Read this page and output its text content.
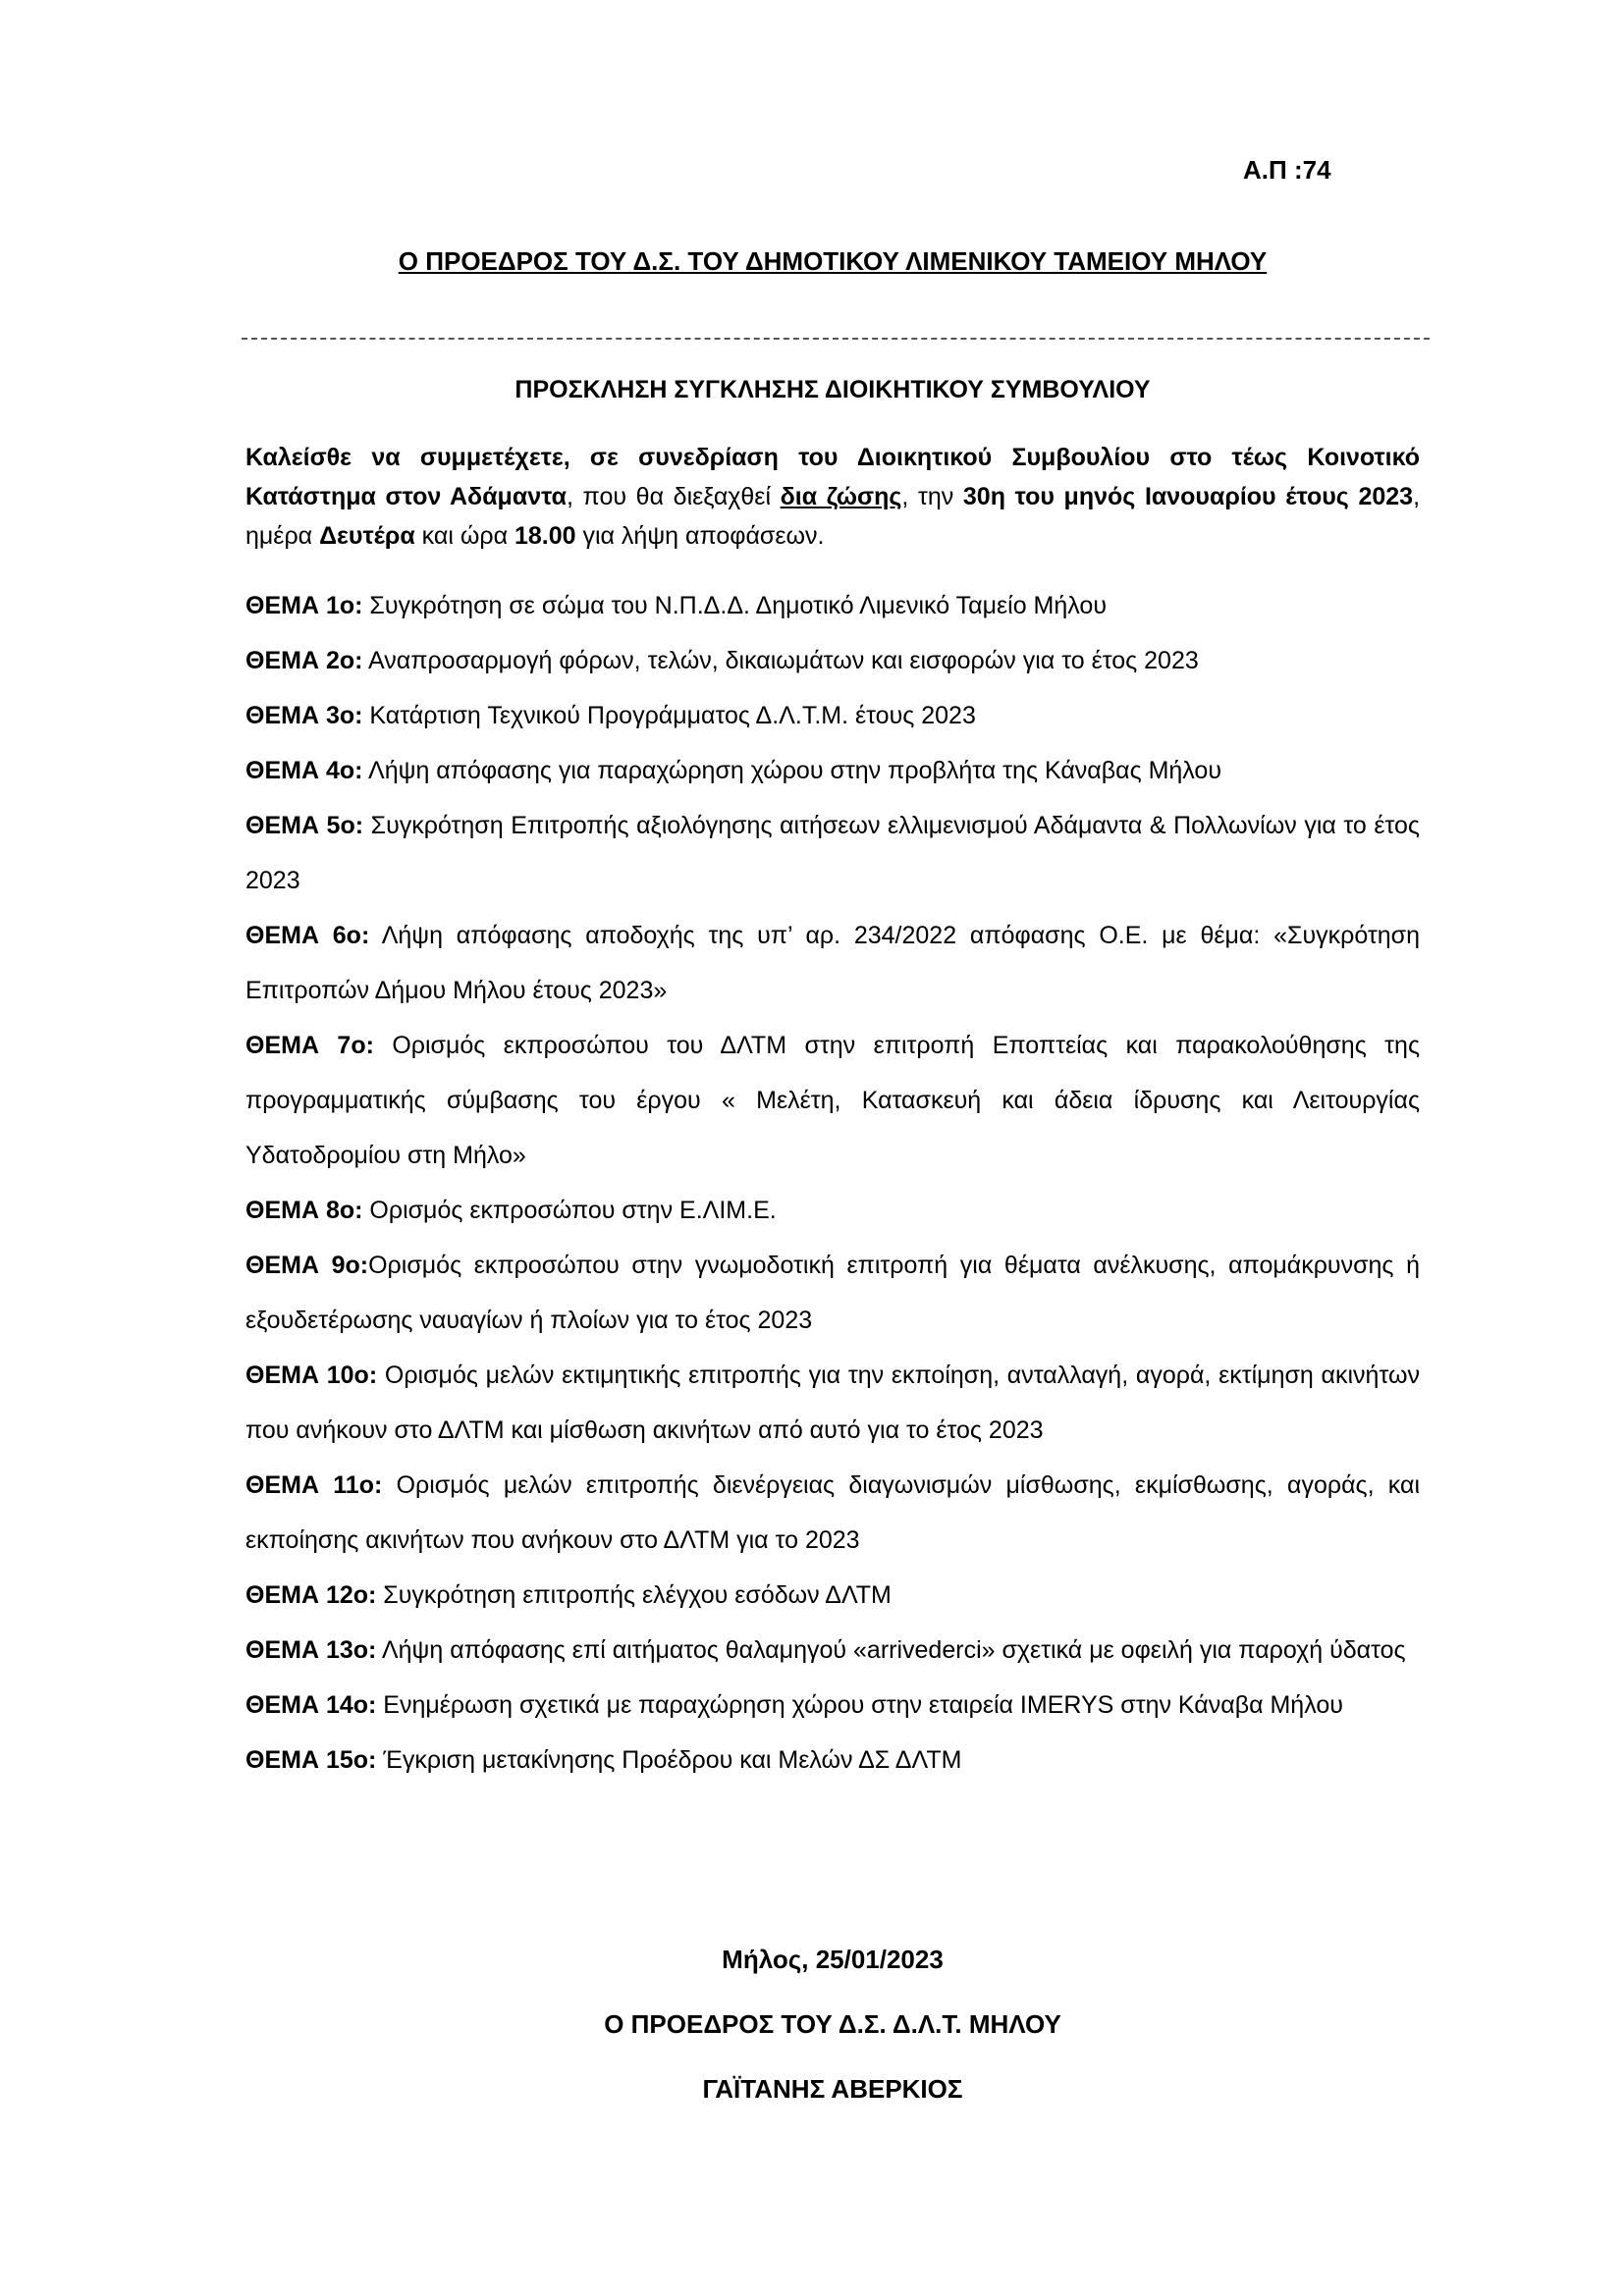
Α.Π :74
Ο ΠΡΟΕΔΡΟΣ ΤΟΥ Δ.Σ. ΤΟΥ ΔΗΜΟΤΙΚΟΥ ΛΙΜΕΝΙΚΟΥ ΤΑΜΕΙΟΥ ΜΗΛΟΥ
ΠΡΟΣΚΛΗΣΗ ΣΥΓΚΛΗΣΗΣ ΔΙΟΙΚΗΤΙΚΟΥ ΣΥΜΒΟΥΛΙΟΥ
Καλείσθε να συμμετέχετε, σε συνεδρίαση του Διοικητικού Συμβουλίου στο τέως Κοινοτικό Κατάστημα στον Αδάμαντα, που θα διεξαχθεί δια ζώσης, την 30η του μηνός Ιανουαρίου έτους 2023, ημέρα Δευτέρα και ώρα 18.00 για λήψη αποφάσεων.

ΘΕΜΑ 1ο: Συγκρότηση σε σώμα του Ν.Π.Δ.Δ. Δημοτικό Λιμενικό Ταμείο Μήλου

ΘΕΜΑ 2ο: Αναπροσαρμογή φόρων, τελών, δικαιωμάτων και εισφορών για το έτος 2023

ΘΕΜΑ 3ο: Κατάρτιση Τεχνικού Προγράμματος Δ.Λ.Τ.Μ. έτους 2023

ΘΕΜΑ 4ο: Λήψη απόφασης για παραχώρηση χώρου στην προβλήτα της Κάναβας Μήλου

ΘΕΜΑ 5ο: Συγκρότηση Επιτροπής αξιολόγησης αιτήσεων ελλιμενισμού Αδάμαντα & Πολλωνίων για το έτος 2023

ΘΕΜΑ 6ο: Λήψη απόφασης αποδοχής της υπ’ αρ. 234/2022 απόφασης Ο.Ε. με θέμα: «Συγκρότηση Επιτροπών Δήμου Μήλου έτους 2023»

ΘΕΜΑ 7ο: Ορισμός εκπροσώπου του ΔΛΤΜ στην επιτροπή Εποπτείας και παρακολούθησης της προγραμματικής σύμβασης του έργου « Μελέτη, Κατασκευή και άδεια ίδρυσης και Λειτουργίας Υδατοδρομίου στη Μήλο»

ΘΕΜΑ 8ο: Ορισμός εκπροσώπου στην Ε.ΛΙΜ.Ε.

ΘΕΜΑ 9ο:Ορισμός εκπροσώπου στην γνωμοδοτική επιτροπή για θέματα ανέλκυσης, απομάκρυνσης ή εξουδετέρωσης ναυαγίων ή πλοίων για το έτος 2023

ΘΕΜΑ 10ο: Ορισμός μελών εκτιμητικής επιτροπής για την εκποίηση, ανταλλαγή, αγορά, εκτίμηση ακινήτων που ανήκουν στο ΔΛΤΜ και μίσθωση ακινήτων από αυτό για το έτος 2023

ΘΕΜΑ 11ο: Ορισμός μελών επιτροπής διενέργειας διαγωνισμών μίσθωσης, εκμίσθωσης, αγοράς, και εκποίησης ακινήτων που ανήκουν στο ΔΛΤΜ για το 2023

ΘΕΜΑ 12ο: Συγκρότηση επιτροπής ελέγχου εσόδων ΔΛΤΜ

ΘΕΜΑ 13ο: Λήψη απόφασης επί αιτήματος θαλαμηγού «arrivederci» σχετικά με οφειλή για παροχή ύδατος

ΘΕΜΑ 14ο: Ενημέρωση σχετικά με παραχώρηση χώρου στην εταιρεία IMERYS στην Κάναβα Μήλου

ΘΕΜΑ 15ο: Έγκριση μετακίνησης Προέδρου και Μελών ΔΣ ΔΛΤΜ

Μήλος, 25/01/2023
Ο ΠΡΟΕΔΡΟΣ ΤΟΥ Δ.Σ. Δ.Λ.Τ. ΜΗΛΟΥ
ΓΑΪΤΑΝΗΣ ΑΒΕΡΚΙΟΣ
